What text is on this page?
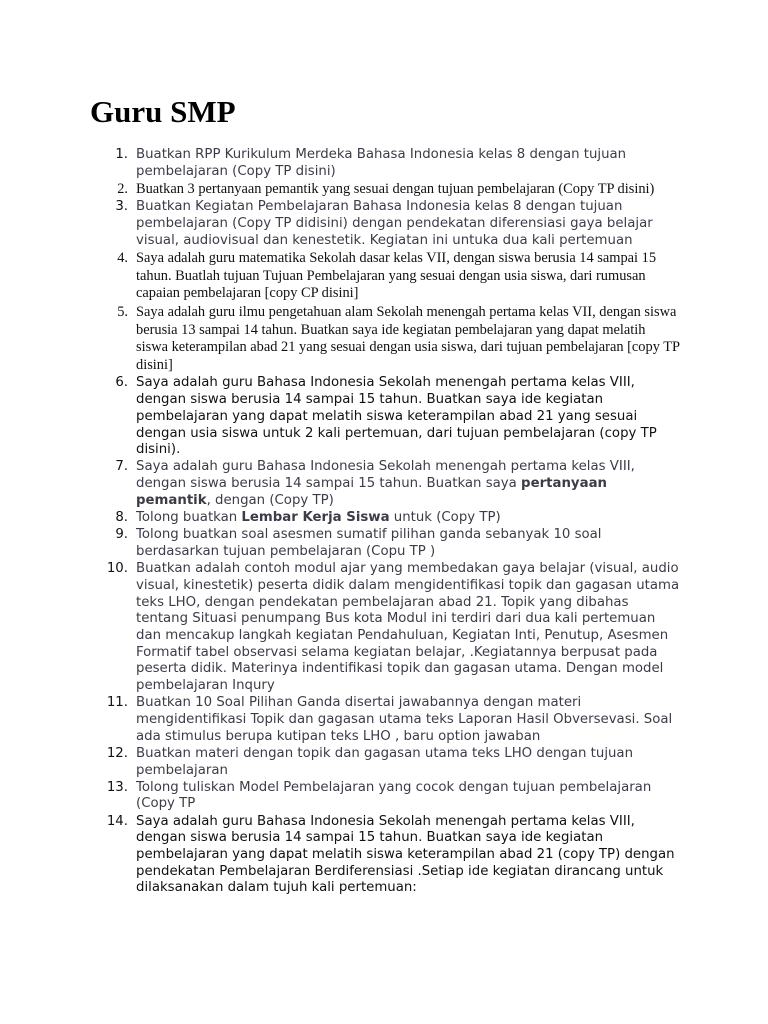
Guru SMP
1. Buatkan RPP Kurikulum Merdeka Bahasa Indonesia kelas 8 dengan tujuan pembelajaran (Copy TP disini)
2. Buatkan 3 pertanyaan pemantik yang sesuai dengan tujuan pembelajaran (Copy TP disini)
3. Buatkan Kegiatan Pembelajaran Bahasa Indonesia kelas 8 dengan tujuan pembelajaran (Copy TP didisini) dengan pendekatan diferensiasi gaya belajar visual, audiovisual dan kenestetik. Kegiatan ini untuka dua kali pertemuan
4. Saya adalah guru matematika Sekolah dasar kelas VII, dengan siswa berusia 14 sampai 15 tahun. Buatlah tujuan Tujuan Pembelajaran yang sesuai dengan usia siswa, dari rumusan capaian pembelajaran [copy CP disini]
5. Saya adalah guru ilmu pengetahuan alam Sekolah menengah pertama kelas VII, dengan siswa berusia 13 sampai 14 tahun. Buatkan saya ide kegiatan pembelajaran yang dapat melatih siswa keterampilan abad 21 yang sesuai dengan usia siswa, dari tujuan pembelajaran [copy TP disini]
6. Saya adalah guru Bahasa Indonesia Sekolah menengah pertama kelas VIII, dengan siswa berusia 14 sampai 15 tahun. Buatkan saya ide kegiatan pembelajaran yang dapat melatih siswa keterampilan abad 21 yang sesuai dengan usia siswa untuk 2 kali pertemuan, dari tujuan pembelajaran (copy TP disini).
7. Saya adalah guru Bahasa Indonesia Sekolah menengah pertama kelas VIII, dengan siswa berusia 14 sampai 15 tahun. Buatkan saya pertanyaan pemantik, dengan (Copy TP)
8. Tolong buatkan Lembar Kerja Siswa untuk (Copy TP)
9. Tolong buatkan soal asesmen sumatif pilihan ganda sebanyak 10 soal berdasarkan tujuan pembelajaran (Copu TP )
10. Buatkan adalah contoh modul ajar yang membedakan gaya belajar (visual, audio visual, kinestetik) peserta didik dalam mengidentifikasi topik dan gagasan utama teks LHO, dengan pendekatan pembelajaran abad 21. Topik yang dibahas tentang Situasi penumpang Bus kota Modul ini terdiri dari dua kali pertemuan dan mencakup langkah kegiatan Pendahuluan, Kegiatan Inti, Penutup, Asesmen Formatif tabel observasi selama kegiatan belajar, .Kegiatannya berpusat pada peserta didik. Materinya indentifikasi topik dan gagasan utama. Dengan model pembelajaran Inqury
11. Buatkan 10 Soal Pilihan Ganda disertai jawabannya dengan materi mengidentifikasi Topik dan gagasan utama teks Laporan Hasil Obversevasi. Soal ada stimulus berupa kutipan teks LHO , baru option jawaban
12. Buatkan materi dengan topik dan gagasan utama teks LHO dengan tujuan pembelajaran
13. Tolong tuliskan Model Pembelajaran yang cocok dengan tujuan pembelajaran (Copy TP
14. Saya adalah guru Bahasa Indonesia Sekolah menengah pertama kelas VIII, dengan siswa berusia 14 sampai 15 tahun. Buatkan saya ide kegiatan pembelajaran yang dapat melatih siswa keterampilan abad 21 (copy TP) dengan pendekatan Pembelajaran Berdiferensiasi .Setiap ide kegiatan dirancang untuk dilaksanakan dalam tujuh kali pertemuan:
